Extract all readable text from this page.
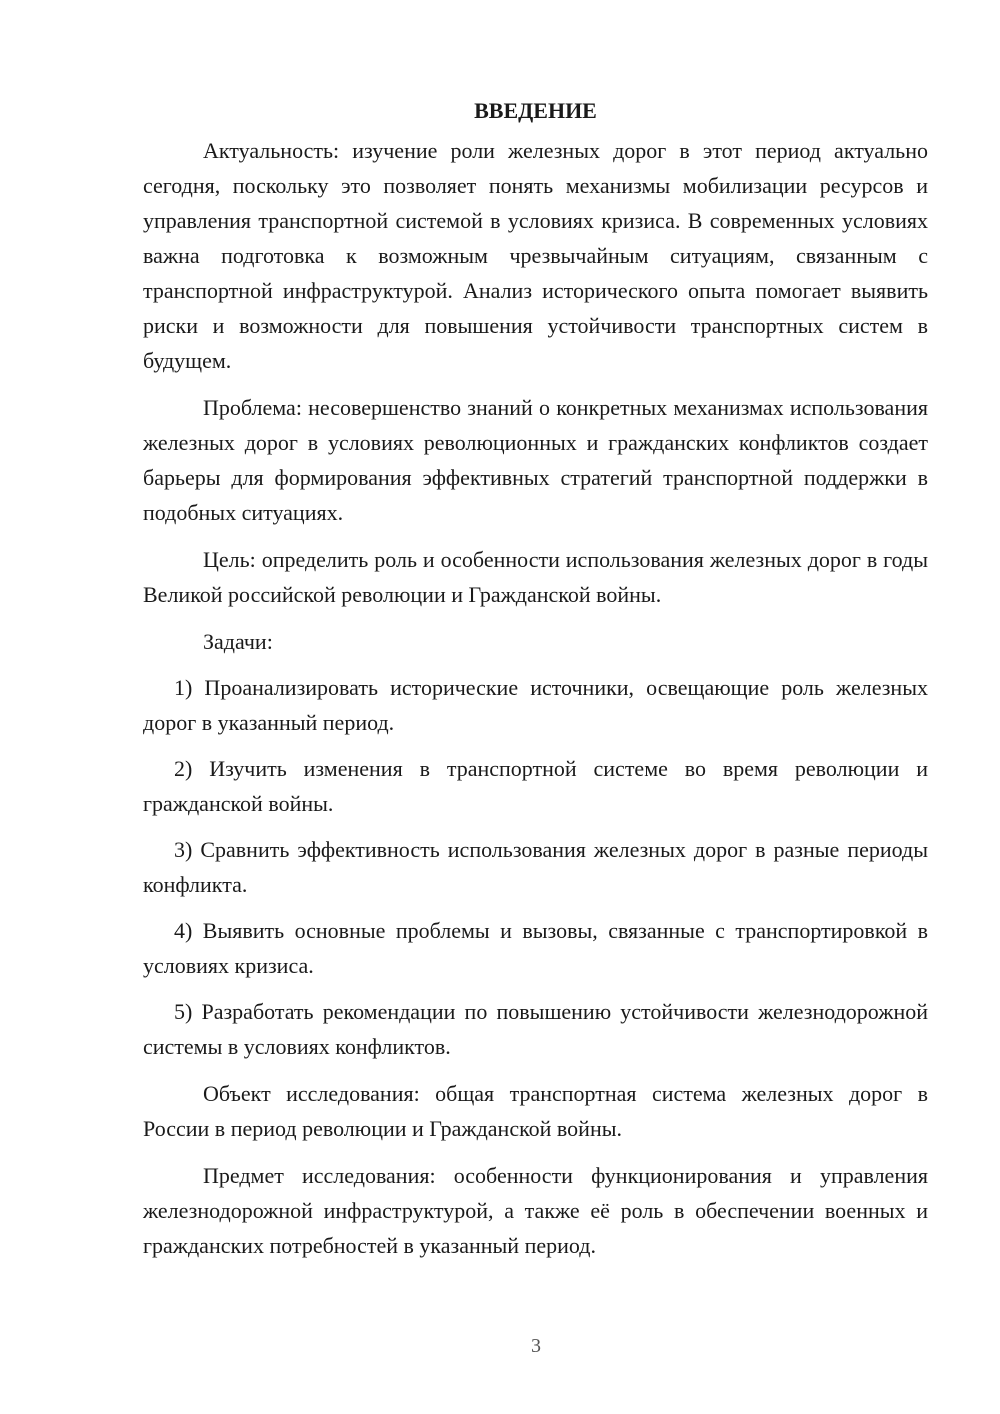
ВВЕДЕНИЕ

Актуальность: изучение роли железных дорог в этот период актуально сегодня, поскольку это позволяет понять механизмы мобилизации ресурсов и управления транспортной системой в условиях кризиса. В современных условиях важна подготовка к возможным чрезвычайным ситуациям, связанным с транспортной инфраструктурой. Анализ исторического опыта помогает выявить риски и возможности для повышения устойчивости транспортных систем в будущем.

Проблема: несовершенство знаний о конкретных механизмах использования железных дорог в условиях революционных и гражданских конфликтов создает барьеры для формирования эффективных стратегий транспортной поддержки в подобных ситуациях.

Цель: определить роль и особенности использования железных дорог в годы Великой российской революции и Гражданской войны.

Задачи:

1) Проанализировать исторические источники, освещающие роль железных дорог в указанный период.

2) Изучить изменения в транспортной системе во время революции и гражданской войны.

3) Сравнить эффективность использования железных дорог в разные периоды конфликта.

4) Выявить основные проблемы и вызовы, связанные с транспортировкой в условиях кризиса.

5) Разработать рекомендации по повышению устойчивости железнодорожной системы в условиях конфликтов.

Объект исследования: общая транспортная система железных дорог в России в период революции и Гражданской войны.

Предмет исследования: особенности функционирования и управления железнодорожной инфраструктурой, а также её роль в обеспечении военных и гражданских потребностей в указанный период.

3
